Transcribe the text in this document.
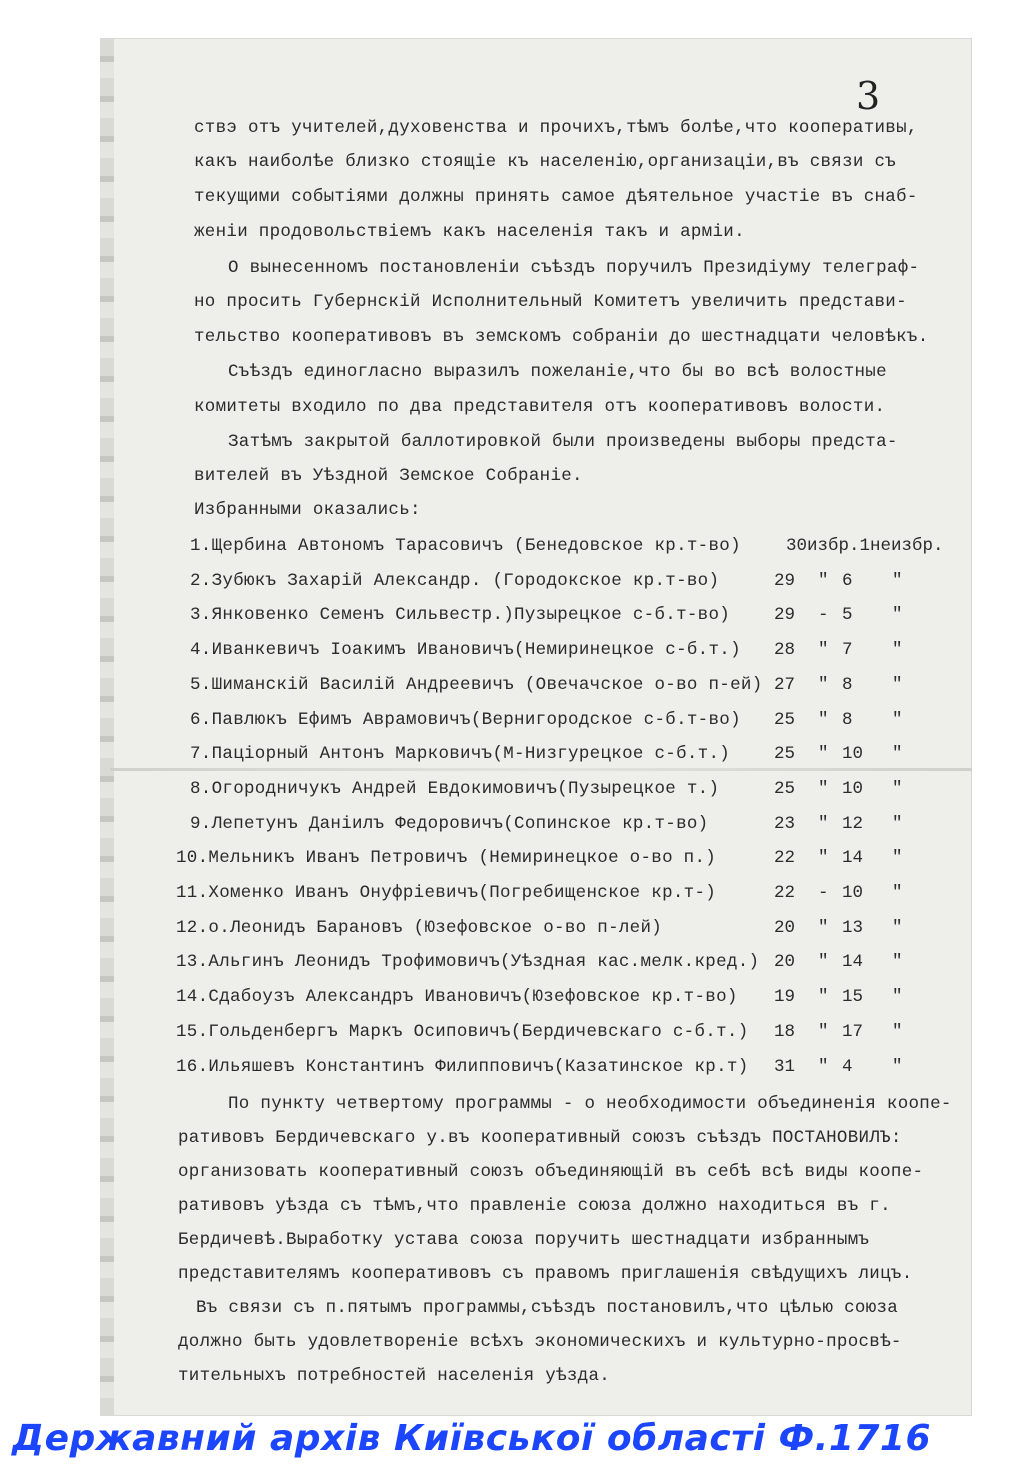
3
ствэ отъ учителей,духовенства и прочихъ,тѣмъ болѣе,что кооперативы,
какъ наиболѣе близко стоящіе къ населенію,организаціи,въ связи съ
текущими событіями должны принять самое дѣятельное участіе въ снаб-
женіи продовольствіемъ какъ населенія такъ и арміи.
О вынесенномъ постановленіи съѣздъ поручилъ Президіуму телеграф-
но просить Губернскій Исполнительный Комитетъ увеличить представи-
тельство кооперативовъ въ земскомъ собраніи до шестнадцати человѣкъ.
Съѣздъ единогласно выразилъ пожеланіе,что бы во всѣ волостные
комитеты входило по два представителя отъ кооперативовъ волости.
Затѣмъ закрытой баллотировкой были произведены выборы предста-
вителей въ Уѣздной Земское Собраніе.
Избранными оказались:
1.Щербина Автономъ Тарасовичъ (Бенедовское кр.т-во)	30избр.1неизбр.
2.Зубюкъ Захарій Александр. (Городокское кр.т-во)	29 " 6 "
3.Янковенко Семенъ Сильвестр.)Пузырецкое с-б.т-во)	29 - 5 "
4.Иванкевичъ Іоакимъ Ивановичъ(Немиринецкое с-б.т.) 28 " 7 "
5.Шиманскій Василій Андреевичъ (Овечачское о-во п-ей) 27 " 8 "
6.Павлюкъ Ефимъ Аврамовичъ(Вернигородское с-б.т-во) 25 " 8 "
7.Паціорный Антонъ Марковичъ(М-Низгурецкое с-б.т.)	25 " 10 "
8.Огородничукъ Андрей Евдокимовичъ(Пузырецкое т.)	25 " 10 "
9.Лепетунъ Даніилъ Федоровичъ(Сопинское кр.т-во)	23 " 12 "
10.Мельникъ Иванъ Петровичъ (Немиринецкое о-во п.)	22 " 14 "
11.Хоменко Иванъ Онуфріевичъ(Погребищенское кр.т-)	22 - 10 "
12.о.Леонидъ Барановъ (Юзефовское о-во п-лей)	20 " 13 "
13.Альгинъ Леонидъ Трофимовичъ(Уѣздная кас.мелк.кред.) 20 " 14 "
14.Сдабоузъ Александръ Ивановичъ(Юзефовское кр.т-во) 19 " 15 "
15.Гольденбергъ Маркъ Осиповичъ(Бердичевскаго с-б.т.) 18 " 17 "
16.Ильяшевъ Константинъ Филипповичъ(Казатинское кр.т) 31 " 4 "
По пункту четвертому программы - о необходимости объединенія коопе-
ративовъ Бердичевскаго у.въ кооперативный союзъ съѣздъ ПОСТАНОВИЛЪ:
организовать кооперативный союзъ объединяющій въ себѣ всѣ виды коопе-
ративовъ уѣзда съ тѣмъ,что правленіе союза должно находиться въ г.
Бердичевѣ.Выработку устава союза поручить шестнадцати избраннымъ
представителямъ кооперативовъ съ правомъ приглашенія свѣдущихъ лицъ.
Въ связи съ п.пятымъ программы,съѣздъ постановилъ,что цѣлью союза
должно быть удовлетвореніе всѣхъ экономическихъ и культурно-просвѣ-
тительныхъ потребностей населенія уѣзда.
Державний архів Київської області Ф.1716
